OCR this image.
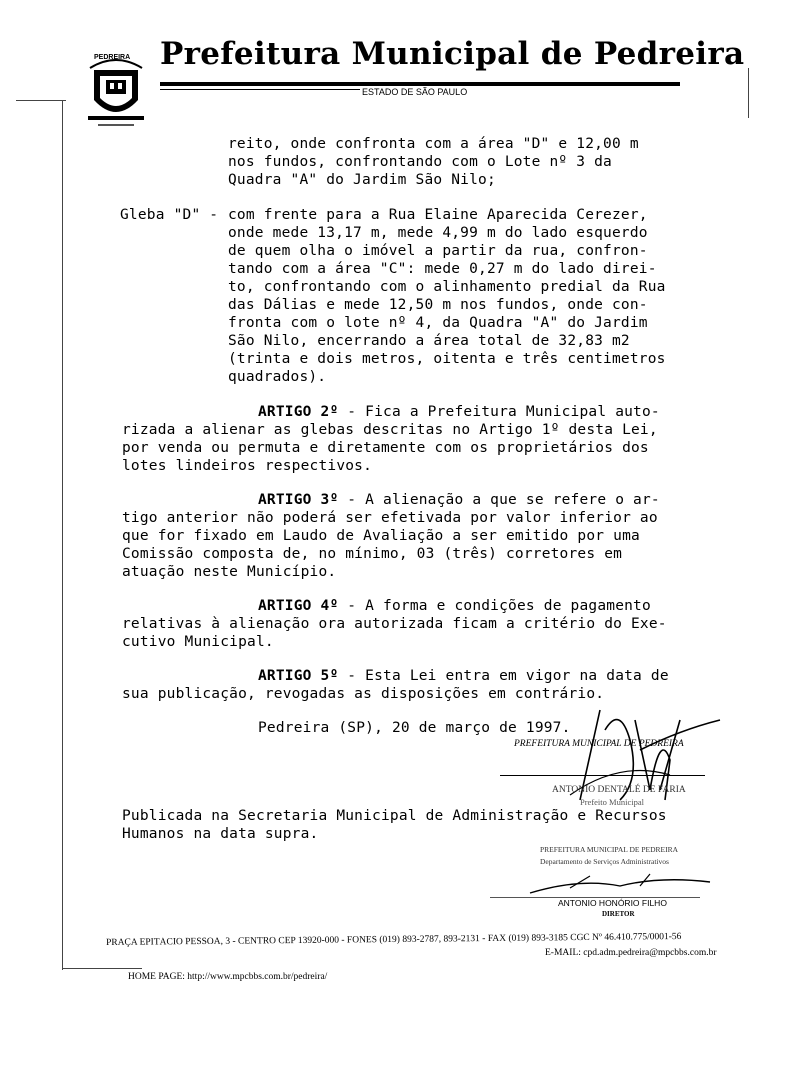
PEDREIRA Prefeitura Municipal de Pedreira
ESTADO DE SÃO PAULO
reito, onde confronta com a área "D" e 12,00 m
nos fundos, confrontando com o Lote nº 3 da
Quadra "A" do Jardim São Nilo;
Gleba "D" - com frente para a Rua Elaine Aparecida Cerezer,
onde mede 13,17 m, mede 4,99 m do lado esquerdo
de quem olha o imóvel a partir da rua, confron-
tando com a área "C": mede 0,27 m do lado direi-
to, confrontando com o alinhamento predial da Rua
das Dálias e mede 12,50 m nos fundos, onde con-
fronta com o lote nº 4, da Quadra "A" do Jardim
São Nilo, encerrando a área total de 32,83 m2
(trinta e dois metros, oitenta e três centimetros
quadrados).
ARTIGO 2º - Fica a Prefeitura Municipal auto-
rizada a alienar as glebas descritas no Artigo 1º desta Lei,
por venda ou permuta e diretamente com os proprietários dos
lotes lindeiros respectivos.
ARTIGO 3º - A alienação a que se refere o ar-
tigo anterior não poderá ser efetivada por valor inferior ao
que for fixado em Laudo de Avaliação a ser emitido por uma
Comissão composta de, no mínimo, 03 (três) corretores em
atuação neste Município.
ARTIGO 4º - A forma e condições de pagamento
relativas à alienação ora autorizada ficam a critério do Exe-
cutivo Municipal.
ARTIGO 5º - Esta Lei entra em vigor na data de
sua publicação, revogadas as disposições em contrário.
Pedreira (SP), 20 de março de 1997.
Publicada na Secretaria Municipal de Administração e Recursos
Humanos na data supra.
PREFEITURA MUNICIPAL DE PEDREIRA
ANTONIO DENTALÉ DE FARIA
Prefeito Municipal
PREFEITURA MUNICIPAL DE PEDREIRA
Departamento de Serviços Administrativos
ANTONIO HONÓRIO FILHO
DIRETOR
PRAÇA EPITÁCIO PESSOA, 3 - CENTRO CEP 13920-000 - FONES (019) 893-2787, 893-2131 - FAX (019) 893-3185 CGC Nº 46.410.775/0001-56
HOME PAGE: http://www.mpcbbs.com.br/pedreira/
E-MAIL: cpd.adm.pedreira@mpcbbs.com.br
